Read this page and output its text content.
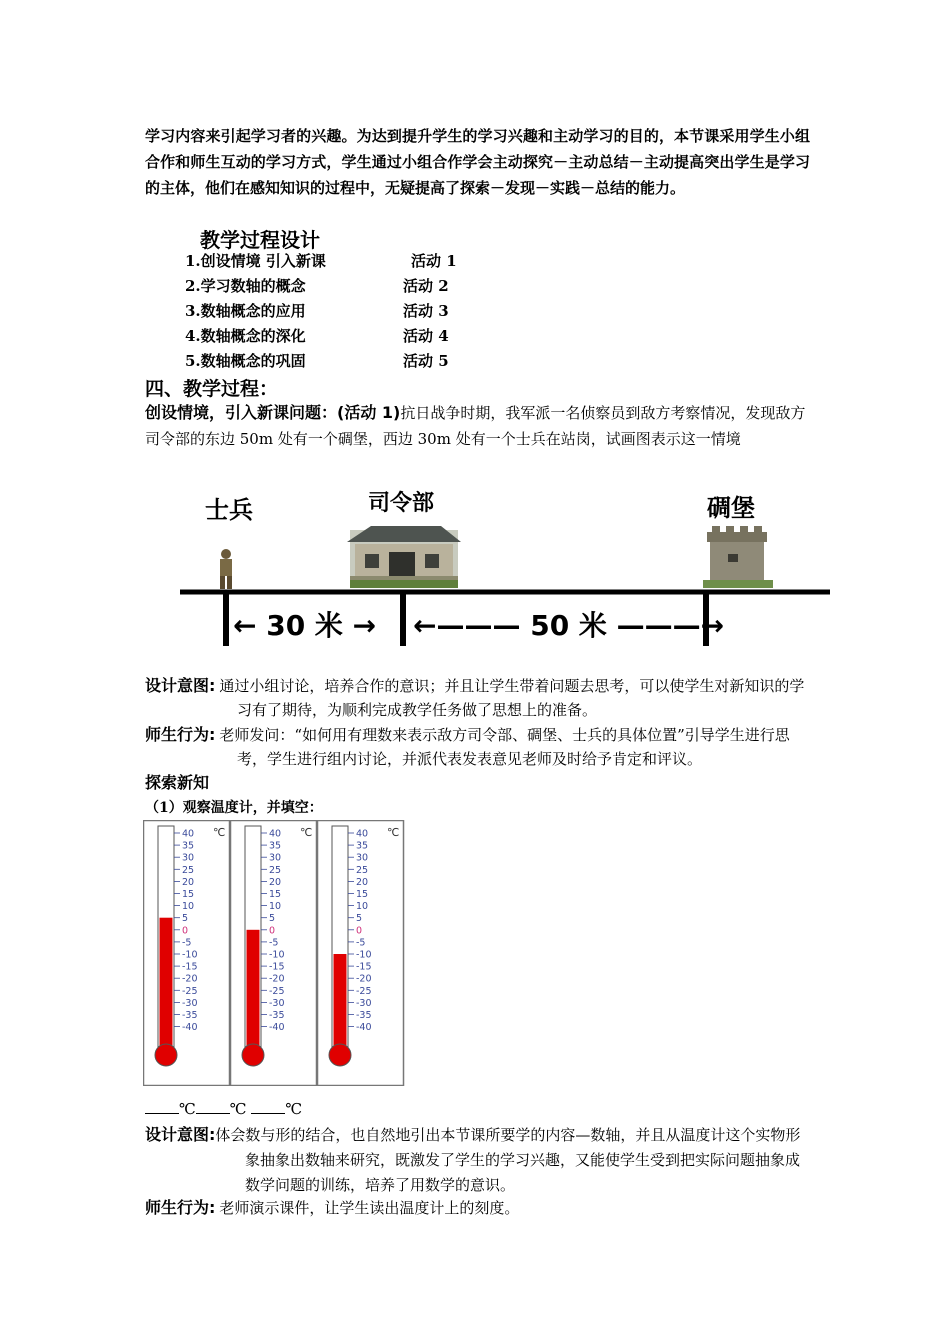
学习内容来引起学习者的兴趣。为达到提升学生的学习兴趣和主动学习的目的，本节课采用学生小组合作和师生互动的学习方式，学生通过小组合作学会主动探究－主动总结－主动提高突出学生是学习的主体，他们在感知知识的过程中，无疑提高了探索－发现－实践－总结的能力。
教学过程设计
1.创设情境 引入新课	活动 1
2.学习数轴的概念	活动 2
3.数轴概念的应用	活动 3
4.数轴概念的深化	活动 4
5.数轴概念的巩固	活动 5
四、教学过程：
创设情境，引入新课问题：(活动 1)抗日战争时期，我军派一名侦察员到敌方考察情况，发现敌方司令部的东边 50m 处有一个碉堡，西边 30m 处有一个士兵在站岗，试画图表示这一情境
士兵	司令部	碉堡
← 30 米 → ←——— 50 米 ———→
设计意图: 通过小组讨论，培养合作的意识；并且让学生带着问题去思考，可以使学生对新知识的学习有了期待，为顺利完成教学任务做了思想上的准备。
师生行为: 老师发问：“如何用有理数来表示敌方司令部、碉堡、士兵的具体位置”引导学生进行思考，学生进行组内讨论，并派代表发表意见老师及时给予肯定和评议。
探索新知
（1）观察温度计，并填空：
40
35
30
25
20
15
10
5
0
-5
-10
-15
-20
-25
-30
-35
-40
℃	40
35
30
25
20
15
10
5
0
-5
-10
-15
-20
-25
-30
-35
-40
℃	40
35
30
25
20
15
10
5
0
-5
-10
-15
-20
-25
-30
-35
-40
℃
℃ ℃	℃
设计意图:体会数与形的结合，也自然地引出本节课所要学的内容—数轴，并且从温度计这个实物形象抽象出数轴来研究，既激发了学生的学习兴趣，又能使学生受到把实际问题抽象成数学问题的训练，培养了用数学的意识。
师生行为: 老师演示课件，让学生读出温度计上的刻度。
